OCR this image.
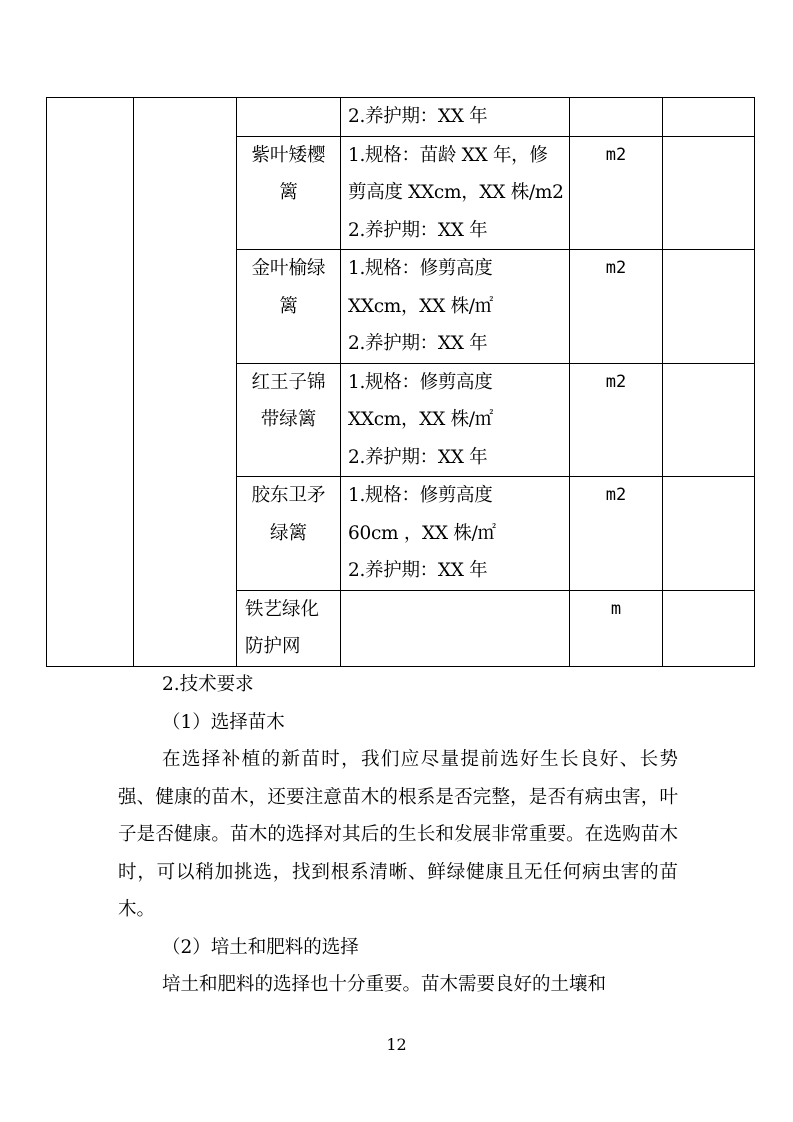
			2.养护期：XX 年		

		紫叶矮樱
篱	1.规格：苗龄 XX 年，修
剪高度 XXcm，XX 株/m2
2.养护期：XX 年	m2	

		金叶榆绿
篱	1.规格：修剪高度
XXcm，XX 株/㎡
2.养护期：XX 年	m2	

		红王子锦
带绿篱	1.规格：修剪高度
XXcm，XX 株/㎡
2.养护期：XX 年	m2	

		胶东卫矛
绿篱	1.规格：修剪高度
60cm ，XX 株/㎡
2.养护期：XX 年	m2	

		铁艺绿化
防护网		m	

2.技术要求

（1）选择苗木

在选择补植的新苗时，我们应尽量提前选好生长良好、长势强、健康的苗木，还要注意苗木的根系是否完整，是否有病虫害，叶子是否健康。苗木的选择对其后的生长和发展非常重要。在选购苗木时，可以稍加挑选，找到根系清晰、鲜绿健康且无任何病虫害的苗木。

（2）培土和肥料的选择

培土和肥料的选择也十分重要。苗木需要良好的土壤和

12
